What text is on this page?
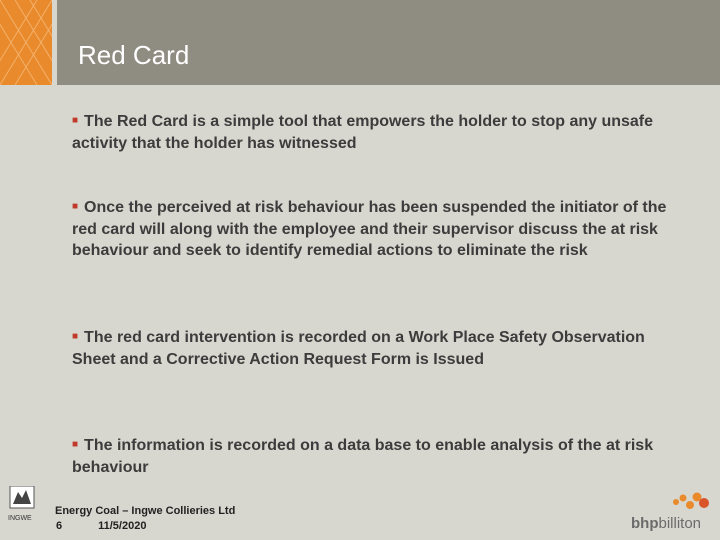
Red Card
■ The Red Card is a simple tool that empowers the holder to stop any unsafe activity that the holder has witnessed
■ Once the perceived at risk behaviour has been suspended the initiator of the red card will along with the employee and their supervisor discuss the at risk behaviour and seek to identify remedial actions to eliminate the risk
■ The red card intervention is recorded on a Work Place Safety Observation Sheet and a Corrective Action Request Form is Issued
■ The information is recorded on a data base to enable analysis of the at risk behaviour
INGWE
Energy Coal – Ingwe Collieries Ltd
6	11/5/2020	bhpbilliton
